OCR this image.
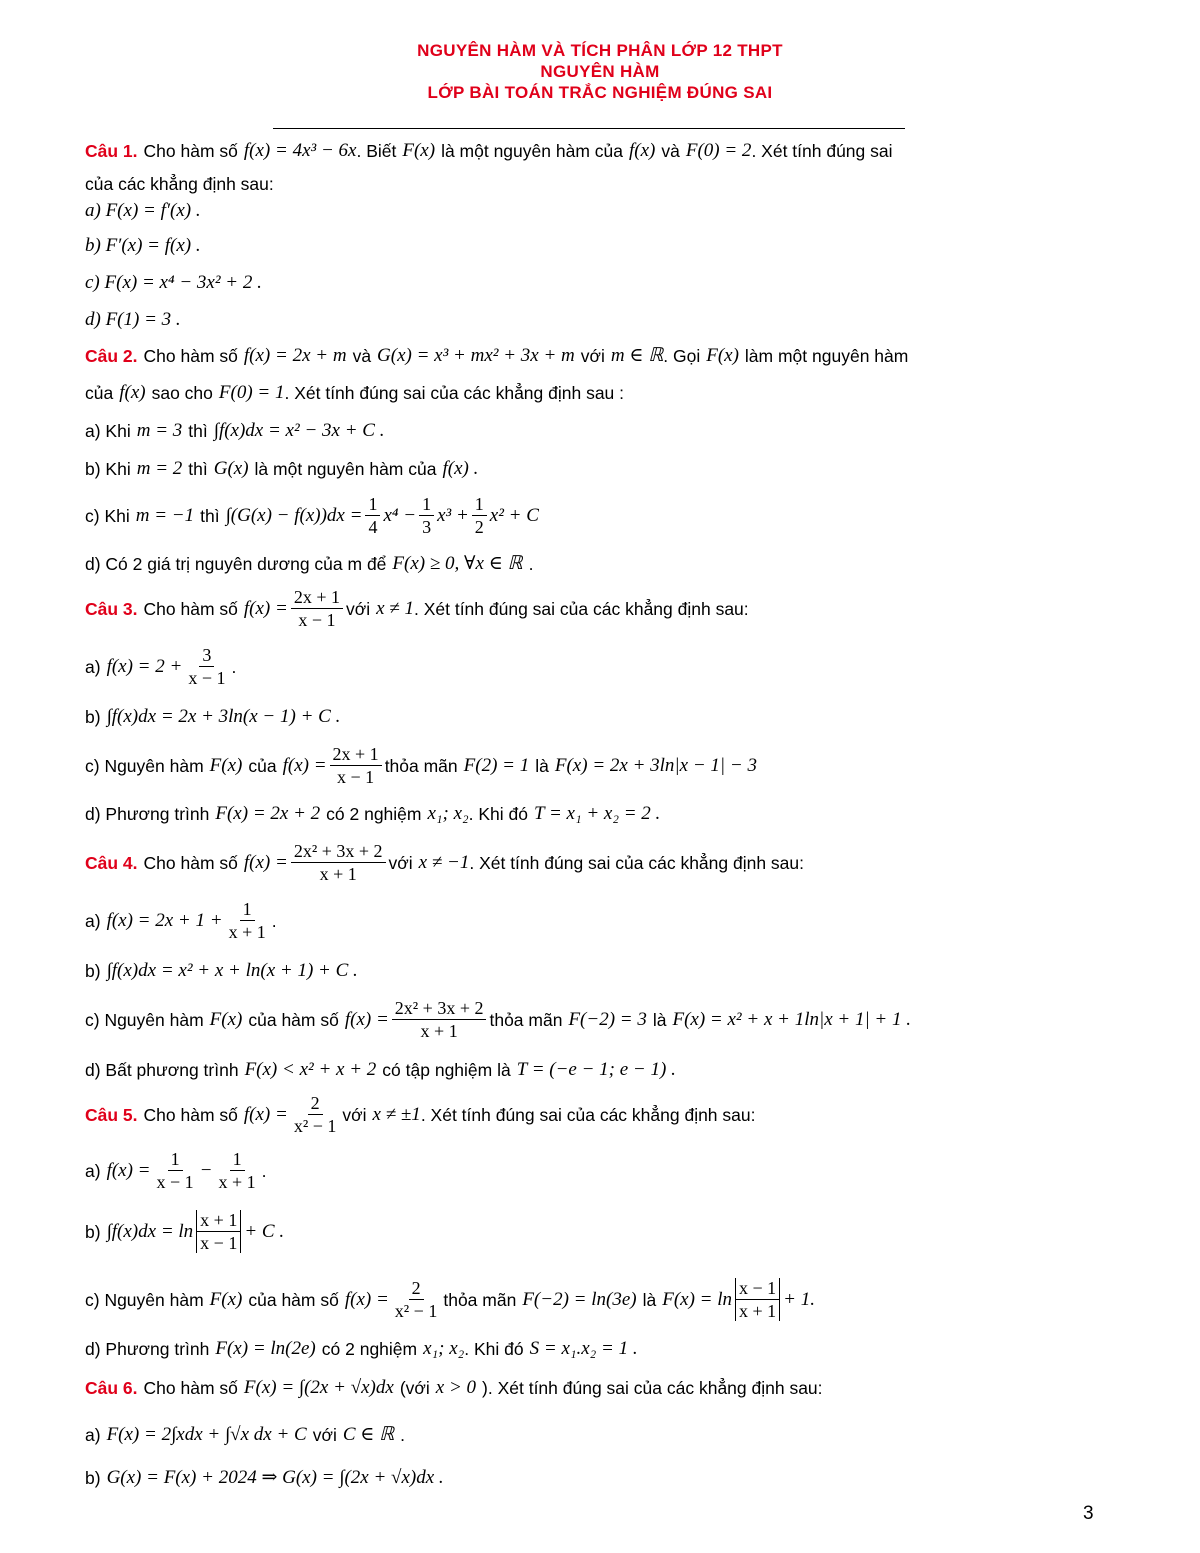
NGUYÊN HÀM VÀ TÍCH PHÂN LỚP 12 THPT
NGUYÊN HÀM
LỚP BÀI TOÁN TRẮC NGHIỆM ĐÚNG SAI
Câu 1. Cho hàm số f(x) = 4x³ − 6x . Biết F(x) là một nguyên hàm của f(x) và F(0) = 2 . Xét tính đúng sai
của các khẳng định sau:
a) F(x) = f′(x) .
b) F′(x) = f(x) .
c) F(x) = x⁴ − 3x² + 2 .
d) F(1) = 3 .
Câu 2. Cho hàm số f(x) = 2x + m và G(x) = x³ + mx² + 3x + m với m ∈ ℝ . Gọi F(x) làm một nguyên hàm
của f(x) sao cho F(0) = 1 . Xét tính đúng sai của các khẳng định sau :
a) Khi m = 3 thì ∫f(x)dx = x² − 3x + C .
b) Khi m = 2 thì G(x) là một nguyên hàm của f(x) .
c) Khi m = −1 thì $\int(G(x) - f(x))dx = \frac{1}{4} x^4 - \frac{1}{3} x^3 + \frac{1}{2} x^2 + C$
d) Có 2 giá trị nguyên dương của m để F(x) ≥ 0, ∀x ∈ ℝ .
Câu 3. Cho hàm số $f(x) = \frac{2x + 1}{x - 1}$ với x ≠ 1 . Xét tính đúng sai của các khẳng định sau:
a) $f(x) = 2 + \frac{3}{x - 1}$ .
b) ∫f(x)dx = 2x + 3ln(x − 1) + C .
c) Nguyên hàm F(x) của $f(x) = \frac{2x + 1}{x - 1}$ thỏa mãn F(2) = 1 là F(x) = 2x + 3ln|x − 1| − 3
d) Phương trình F(x) = 2x + 2 có 2 nghiệm x₁; x₂ . Khi đó T = x₁ + x₂ = 2 .
Câu 4. Cho hàm số $f(x) = \frac{\text{2x² + 3x + 2}}{x + 1}$ với x ≠ −1 . Xét tính đúng sai của các khẳng định sau:
a) $f(x) = 2x + 1 + \frac{1}{x + 1}$ .
b) ∫f(x)dx = x² + x + ln(x + 1) + C .
c) Nguyên hàm F(x) của hàm số $f(x) = \frac{\text{2x² + 3x + 2}}{x + 1}$ thỏa mãn F(−2) = 3 là F(x) = x² + x + 1ln|x + 1| + 1 .
d) Bất phương trình F(x) < x² + x + 2 có tập nghiệm là T = (−e − 1; e − 1) .
Câu 5. Cho hàm số $f(x) = \frac{2}{\text{x² − 1}}$ với x ≠ ±1 . Xét tính đúng sai của các khẳng định sau:
a) $f(x) = \frac{1}{x - 1} - \frac{1}{x + 1}$ .
b) $\int f(x)dx = \ln \frac{x + 1}{x - 1} + C$ .
c) Nguyên hàm F(x) của hàm số $f(x) = \frac{2}{\text{x² − 1}}$ thỏa mãn F(−2) = ln(3e) là $F(x) = \ln \frac{x - 1}{x + 1} + 1$.
d) Phương trình F(x) = ln(2e) có 2 nghiệm x₁; x₂ . Khi đó S = x₁.x₂ = 1 .
Câu 6. Cho hàm số F(x) = ∫(2x + √x)dx (với x > 0 ). Xét tính đúng sai của các khẳng định sau:
a) F(x) = 2∫xdx + ∫√x dx + C với C ∈ ℝ .
b) G(x) = F(x) + 2024 ⇒ G(x) = ∫(2x + √x)dx .
3
